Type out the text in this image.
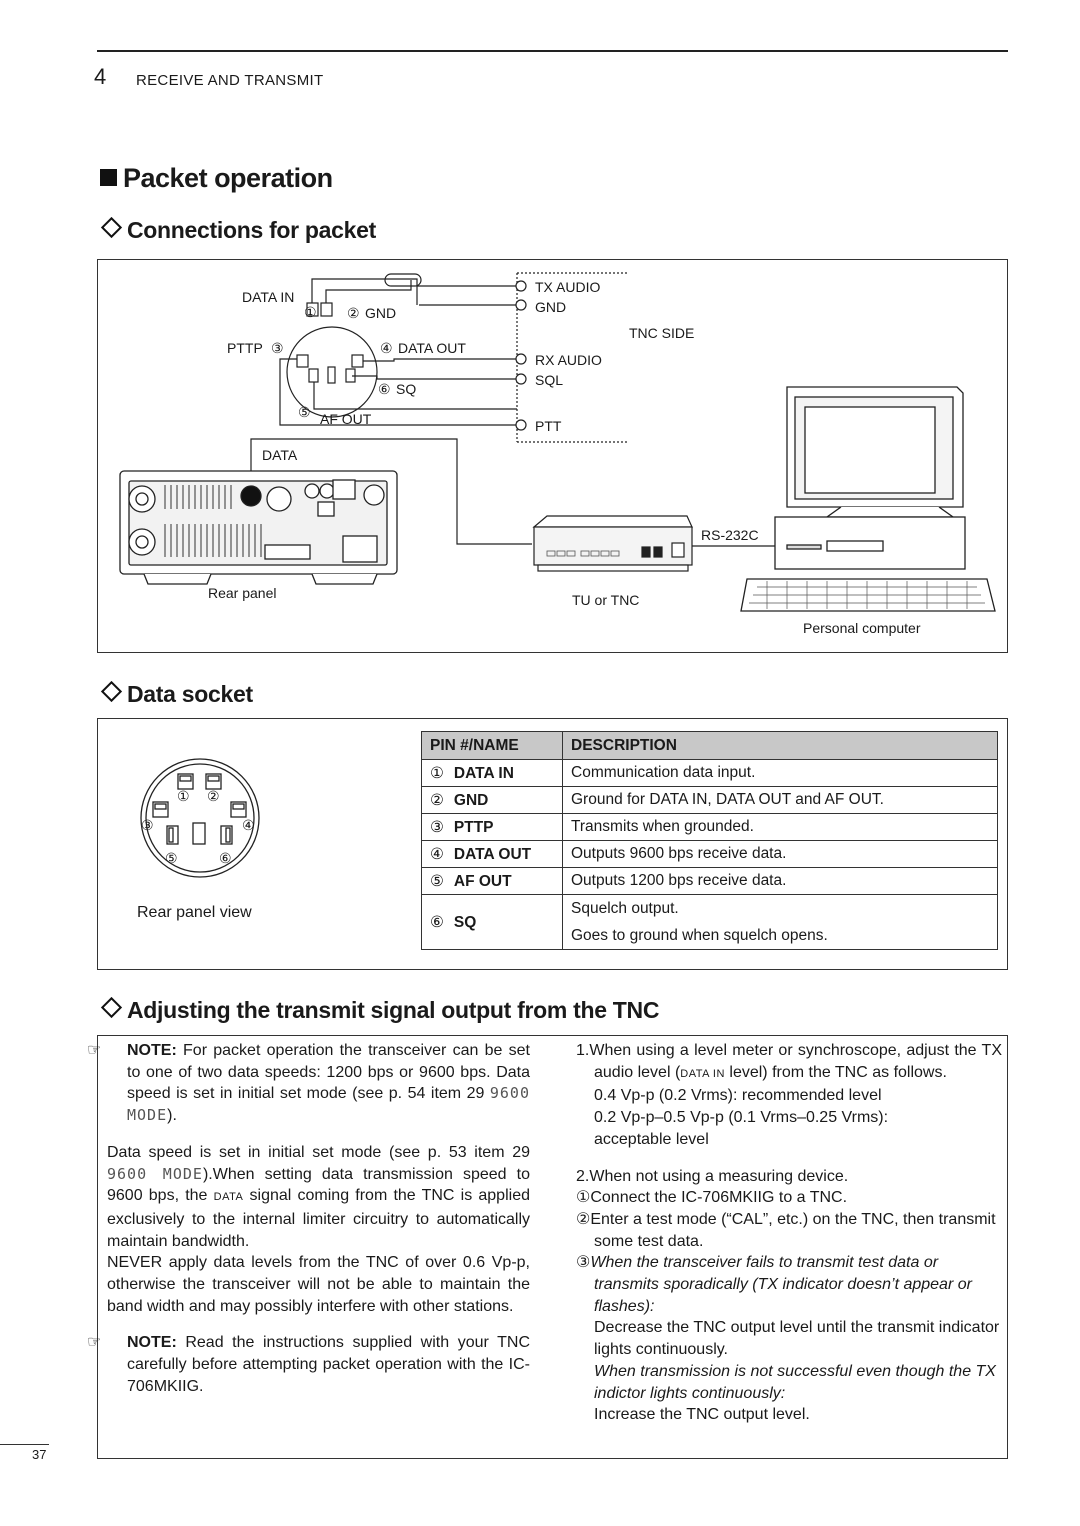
4 RECEIVE AND TRANSMIT
Packet operation
Connections for packet
DATA IN
① ② GND
PTTP ③	④ DATA OUT
⑥ SQ
⑤ AF OUT
DATA
TX AUDIO
GND
TNC SIDE
RX AUDIO
SQL
PTT
RS-232C
Rear panel	TU or TNC
Personal computer
Data socket
① ②
③	④
⑤	⑥
Rear panel view
PIN #/NAME	DESCRIPTION
① DATA IN	Communication data input.
② GND	Ground for DATA IN, DATA OUT and AF OUT.
③ PTTP	Transmits when grounded.
④ DATA OUT	Outputs 9600 bps receive data.
⑤ AF OUT	Outputs 1200 bps receive data.
⑥ SQ	Squelch output.
Goes to ground when squelch opens.
Adjusting the transmit signal output from the TNC

☞ NOTE: For packet operation the transceiver can be set to one of two data speeds: 1200 bps or 9600 bps. Data speed is set in initial set mode (see p. 54 item 29 9600 MODE).

Data speed is set in initial set mode (see p. 53 item 29 9600 MODE).When setting data transmission speed to 9600 bps, the DATA signal coming from the TNC is applied exclusively to the internal limiter circuitry to automatically maintain bandwidth.

NEVER apply data levels from the TNC of over 0.6 Vp-p, otherwise the transceiver will not be able to maintain the band width and may possibly interfere with other stations.

☞ NOTE: Read the instructions supplied with your TNC carefully before attempting packet operation with the IC-706MKIIG.

1.When using a level meter or synchroscope, adjust the TX audio level (DATA IN level) from the TNC as follows.

0.4 Vp-p (0.2 Vrms): recommended level

0.2 Vp-p–0.5 Vp-p (0.1 Vrms–0.25 Vrms):

acceptable level

2.When not using a measuring device.

①Connect the IC-706MKIIG to a TNC.

②Enter a test mode (“CAL”, etc.) on the TNC, then transmit some test data.

③When the transceiver fails to transmit test data or transmits sporadically (TX indicator doesn’t appear or flashes):

Decrease the TNC output level until the transmit indicator lights continuously.

When transmission is not successful even though the TX indictor lights continuously:

Increase the TNC output level.

37
